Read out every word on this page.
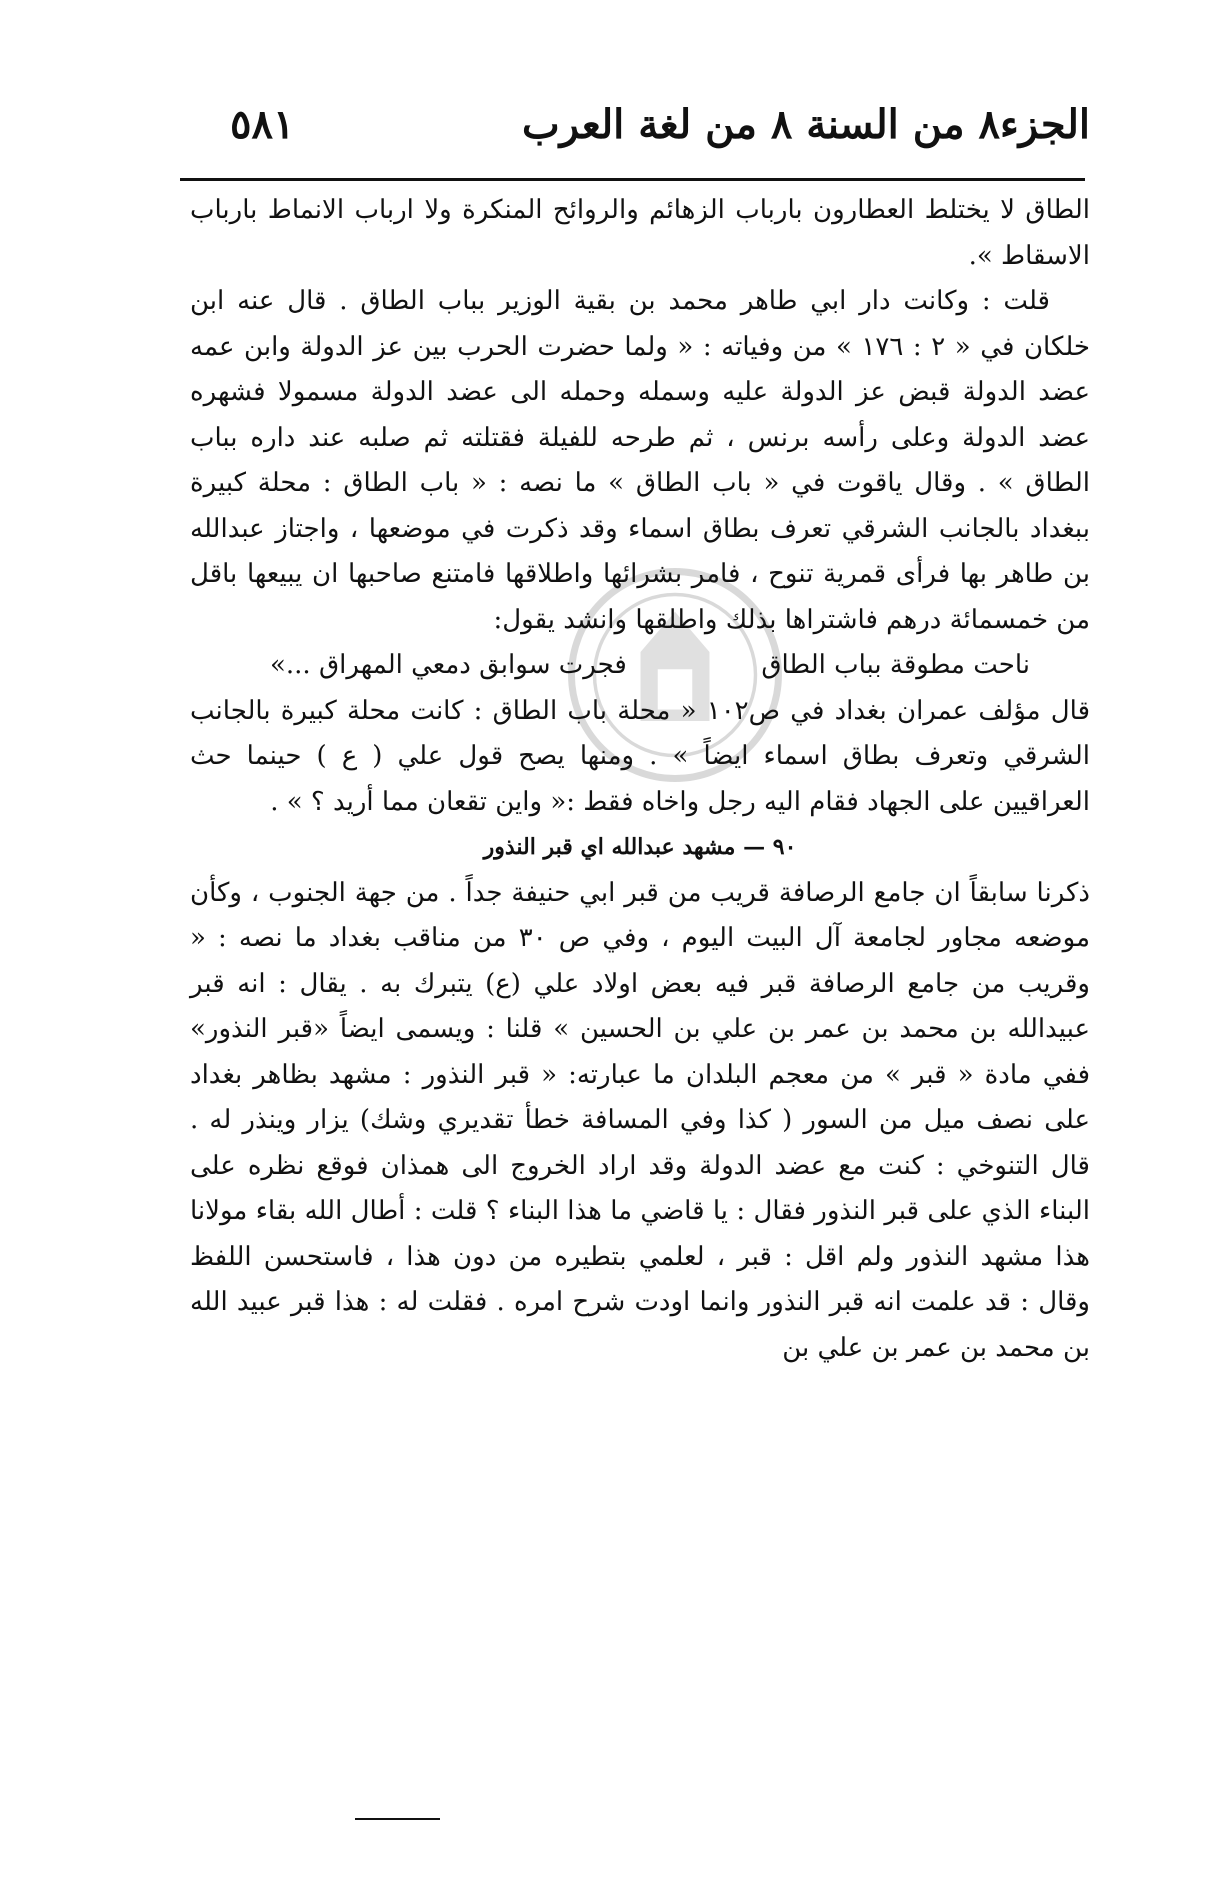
الجزء٨ من السنة ٨ من لغة العرب
٥٨١

الطاق لا يختلط العطارون بارباب الزهائم والروائح المنكرة ولا ارباب الانماط بارباب الاسقاط ».

قلت : وكانت دار ابي طاهر محمد بن بقية الوزير بباب الطاق . قال عنه ابن خلكان في « ٢ : ١٧٦ » من وفياته : « ولما حضرت الحرب بين عز الدولة وابن عمه عضد الدولة قبض عز الدولة عليه وسمله وحمله الى عضد الدولة مسمولا فشهره عضد الدولة وعلى رأسه برنس ، ثم طرحه للفيلة فقتلته ثم صلبه عند داره بباب الطاق » . وقال ياقوت في « باب الطاق » ما نصه : « باب الطاق : محلة كبيرة ببغداد بالجانب الشرقي تعرف بطاق اسماء وقد ذكرت في موضعها ، واجتاز عبدالله بن طاهر بها فرأى قمرية تنوح ، فامر بشرائها واطلاقها فامتنع صاحبها ان يبيعها باقل من خمسمائة درهم فاشتراها بذلك واطلقها وانشد يقول:

ناحت مطوقة بباب الطاق
فجرت سوابق دمعي المهراق ...»

قال مؤلف عمران بغداد في ص١٠٢ « محلة باب الطاق : كانت محلة كبيرة بالجانب الشرقي وتعرف بطاق اسماء ايضاً » . ومنها يصح قول علي ( ع ) حينما حث العراقيين على الجهاد فقام اليه رجل واخاه فقط :« واين تقعان مما أريد ؟ » .

٩٠ — مشهد عبدالله اي قبر النذور

ذكرنا سابقاً ان جامع الرصافة قريب من قبر ابي حنيفة جداً . من جهة الجنوب ، وكأن موضعه مجاور لجامعة آل البيت اليوم ، وفي ص ٣٠ من مناقب بغداد ما نصه : « وقريب من جامع الرصافة قبر فيه بعض اولاد علي (ع) يتبرك به . يقال : انه قبر عبيدالله بن محمد بن عمر بن علي بن الحسين » قلنا : ويسمى ايضاً «قبر النذور» ففي مادة « قبر » من معجم البلدان ما عبارته: « قبر النذور : مشهد بظاهر بغداد على نصف ميل من السور ( كذا وفي المسافة خطأ تقديري وشك) يزار وينذر له . قال التنوخي : كنت مع عضد الدولة وقد اراد الخروج الى همذان فوقع نظره على البناء الذي على قبر النذور فقال : يا قاضي ما هذا البناء ؟ قلت : أطال الله بقاء مولانا هذا مشهد النذور ولم اقل : قبر ، لعلمي بتطيره من دون هذا ، فاستحسن اللفظ وقال : قد علمت انه قبر النذور وانما اودت شرح امره . فقلت له : هذا قبر عبيد الله بن محمد بن عمر بن علي بن
